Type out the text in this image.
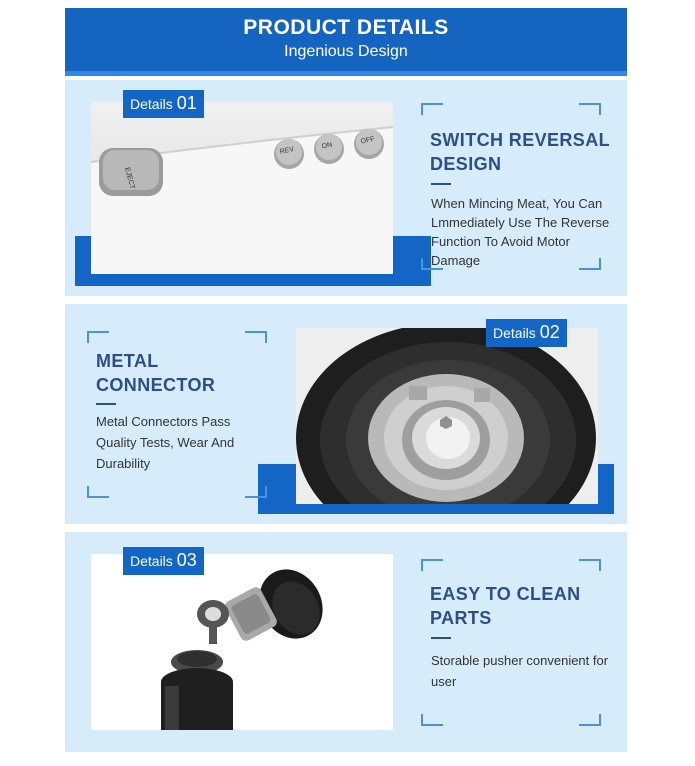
PRODUCT DETAILS
Ingenious Design
EJECT
REV
ON
OFF
Details 01
SWITCH REVERSAL
DESIGN
When Mincing Meat, You Can Lmmediately Use The Reverse Function To Avoid Motor Damage
Details 02
METAL
CONNECTOR
Metal Connectors Pass Quality Tests, Wear And Durability
Details 03
EASY TO CLEAN
PARTS
Storable pusher convenient for user
